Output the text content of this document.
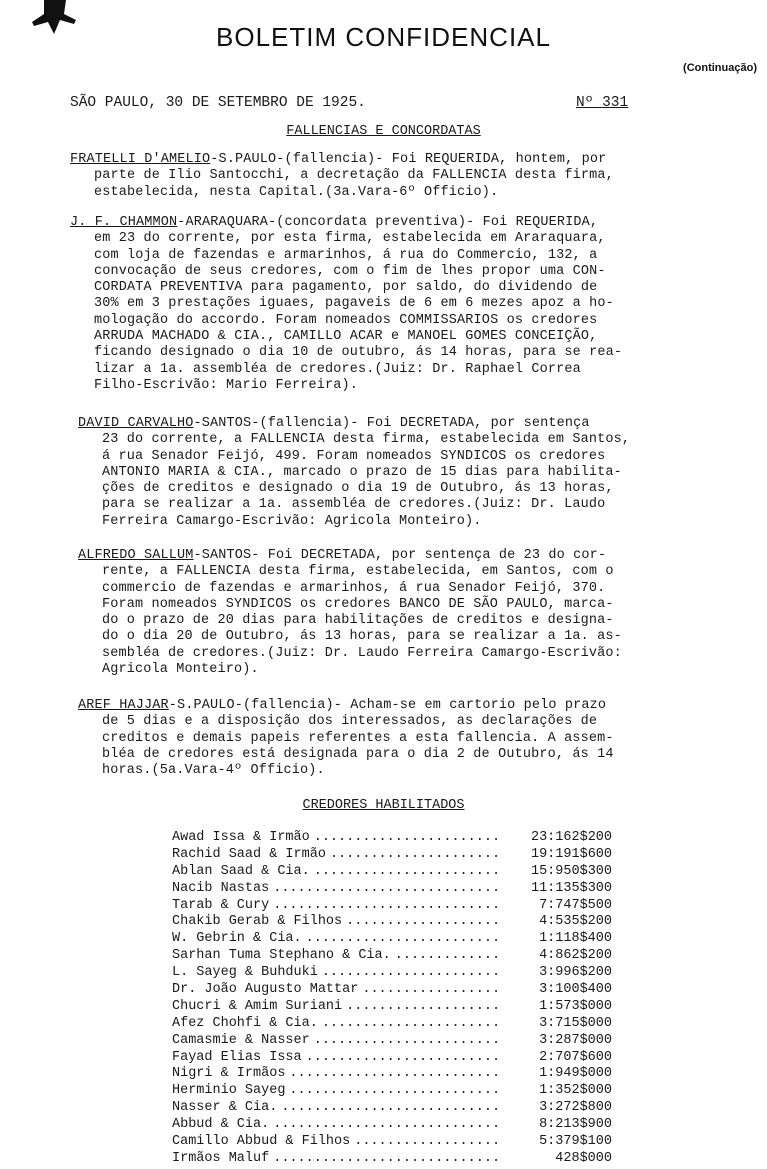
BOLETIM CONFIDENCIAL
(Continuação)
SÃO PAULO, 30 DE SETEMBRO DE 1925.	Nº 331
FALLENCIAS E CONCORDATAS

FRATELLI D'AMELIO-S.PAULO-(fallencia)- Foi REQUERIDA, hontem, por
parte de Ilio Santocchi, a decretação da FALLENCIA desta firma,
estabelecida, nesta Capital.(3a.Vara-6º Officio).

J. F. CHAMMON-ARARAQUARA-(concordata preventiva)- Foi REQUERIDA,
em 23 do corrente, por esta firma, estabelecida em Araraquara,
com loja de fazendas e armarinhos, á rua do Commercio, 132, a
convocação de seus credores, com o fim de lhes propor uma CON-
CORDATA PREVENTIVA para pagamento, por saldo, do dividendo de
30% em 3 prestações iguaes, pagaveis de 6 em 6 mezes apoz a ho-
mologação do accordo. Foram nomeados COMMISSARIOS os credores
ARRUDA MACHADO & CIA., CAMILLO ACAR e MANOEL GOMES CONCEIÇÃO,
ficando designado o dia 10 de outubro, ás 14 horas, para se rea-
lizar a 1a. assembléa de credores.(Juiz: Dr. Raphael Correa
Filho-Escrivão: Mario Ferreira).

DAVID CARVALHO-SANTOS-(fallencia)- Foi DECRETADA, por sentença
23 do corrente, a FALLENCIA desta firma, estabelecida em Santos,
á rua Senador Feijó, 499. Foram nomeados SYNDICOS os credores
ANTONIO MARIA & CIA., marcado o prazo de 15 dias para habilita-
ções de creditos e designado o dia 19 de Outubro, ás 13 horas,
para se realizar a 1a. assembléa de credores.(Juiz: Dr. Laudo
Ferreira Camargo-Escrivão: Agricola Monteiro).

ALFREDO SALLUM-SANTOS- Foi DECRETADA, por sentença de 23 do cor-
rente, a FALLENCIA desta firma, estabelecida, em Santos, com o
commercio de fazendas e armarinhos, á rua Senador Feijó, 370.
Foram nomeados SYNDICOS os credores BANCO DE SÃO PAULO, marca-
do o prazo de 20 dias para habilitações de creditos e designa-
do o dia 20 de Outubro, ás 13 horas, para se realizar a 1a. as-
sembléa de credores.(Juiz: Dr. Laudo Ferreira Camargo-Escrivão:
Agricola Monteiro).

AREF HAJJAR-S.PAULO-(fallencia)- Acham-se em cartorio pelo prazo
de 5 dias e a disposição dos interessados, as declarações de
creditos e demais papeis referentes a esta fallencia. A assem-
bléa de credores está designada para o dia 2 de Outubro, ás 14
horas.(5a.Vara-4º Officio).

CREDORES HABILITADOS
Awad Issa & Irmão .....	23:162$200
Rachid Saad & Irmão .....	19:191$600
Ablan Saad & Cia. .....	15:950$300
Nacib Nastas .....	11:135$300
Tarab & Cury .....	7:747$500
Chakib Gerab & Filhos .....	4:535$200
W. Gebrin & Cia. .....	1:118$400
Sarhan Tuma Stephano & Cia. .....	4:862$200
L. Sayeg & Buhduki .....	3:996$200
Dr. João Augusto Mattar .....	3:100$400
Chucri & Amim Suriani .....	1:573$000
Afez Chohfi & Cia. .....	3:715$000
Camasmie & Nasser .....	3:287$000
Fayad Elias Issa .....	2:707$600
Nigri & Irmãos .....	1:949$000
Herminio Sayeg .....	1:352$000
Nasser & Cia. .....	3:272$800
Abbud & Cia. .....	8:213$900
Camillo Abbud & Filhos .....	5:379$100
Irmãos Maluf .....	428$000
